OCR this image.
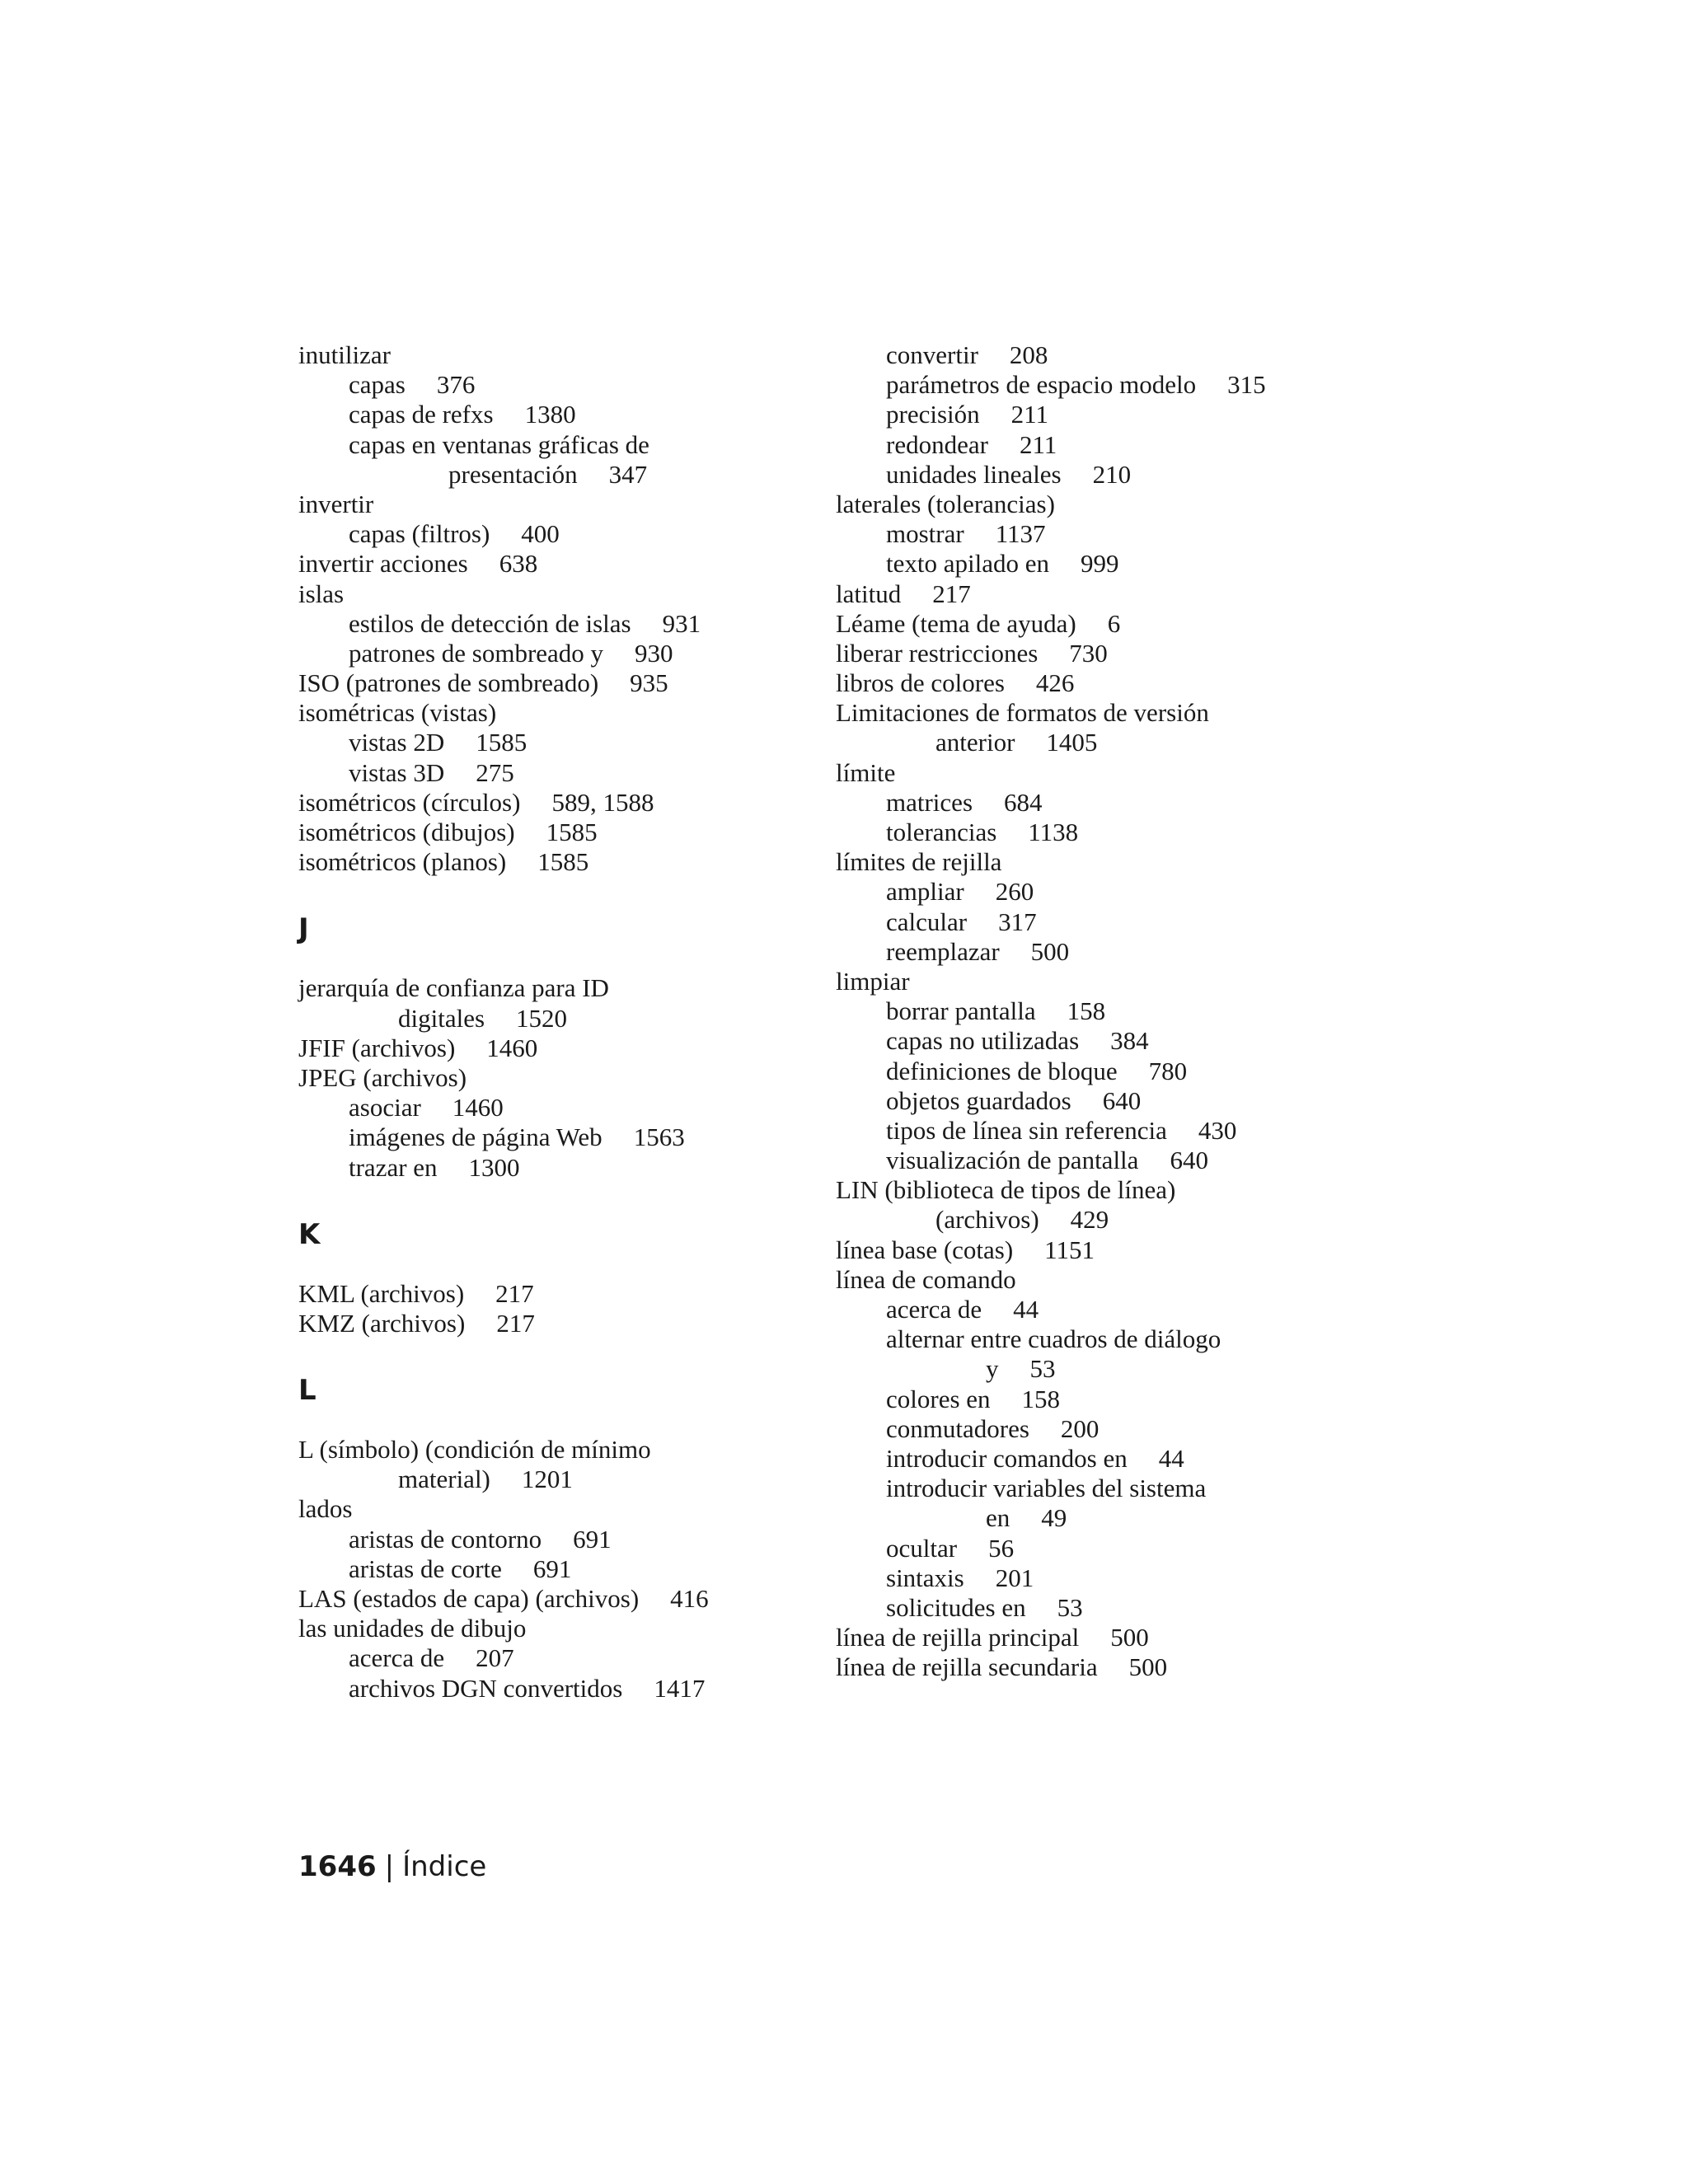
inutilizar
capas 376
capas de refxs 1380
capas en ventanas gráficas de
presentación 347
invertir
capas (filtros) 400
invertir acciones 638
islas
estilos de detección de islas 931
patrones de sombreado y 930
ISO (patrones de sombreado) 935
isométricas (vistas)
vistas 2D 1585
vistas 3D 275
isométricos (círculos) 589, 1588
isométricos (dibujos) 1585
isométricos (planos) 1585
J
jerarquía de confianza para ID
digitales 1520
JFIF (archivos) 1460
JPEG (archivos)
asociar 1460
imágenes de página Web 1563
trazar en 1300
K
KML (archivos) 217
KMZ (archivos) 217
L
L (símbolo) (condición de mínimo
material) 1201
lados
aristas de contorno 691
aristas de corte 691
LAS (estados de capa) (archivos) 416
las unidades de dibujo
acerca de 207
archivos DGN convertidos 1417
convertir 208
parámetros de espacio modelo 315
precisión 211
redondear 211
unidades lineales 210
laterales (tolerancias)
mostrar 1137
texto apilado en 999
latitud 217
Léame (tema de ayuda) 6
liberar restricciones 730
libros de colores 426
Limitaciones de formatos de versión
anterior 1405
límite
matrices 684
tolerancias 1138
límites de rejilla
ampliar 260
calcular 317
reemplazar 500
limpiar
borrar pantalla 158
capas no utilizadas 384
definiciones de bloque 780
objetos guardados 640
tipos de línea sin referencia 430
visualización de pantalla 640
LIN (biblioteca de tipos de línea)
(archivos) 429
línea base (cotas) 1151
línea de comando
acerca de 44
alternar entre cuadros de diálogo
y 53
colores en 158
conmutadores 200
introducir comandos en 44
introducir variables del sistema
en 49
ocultar 56
sintaxis 201
solicitudes en 53
línea de rejilla principal 500
línea de rejilla secundaria 500
1646 | Índice
